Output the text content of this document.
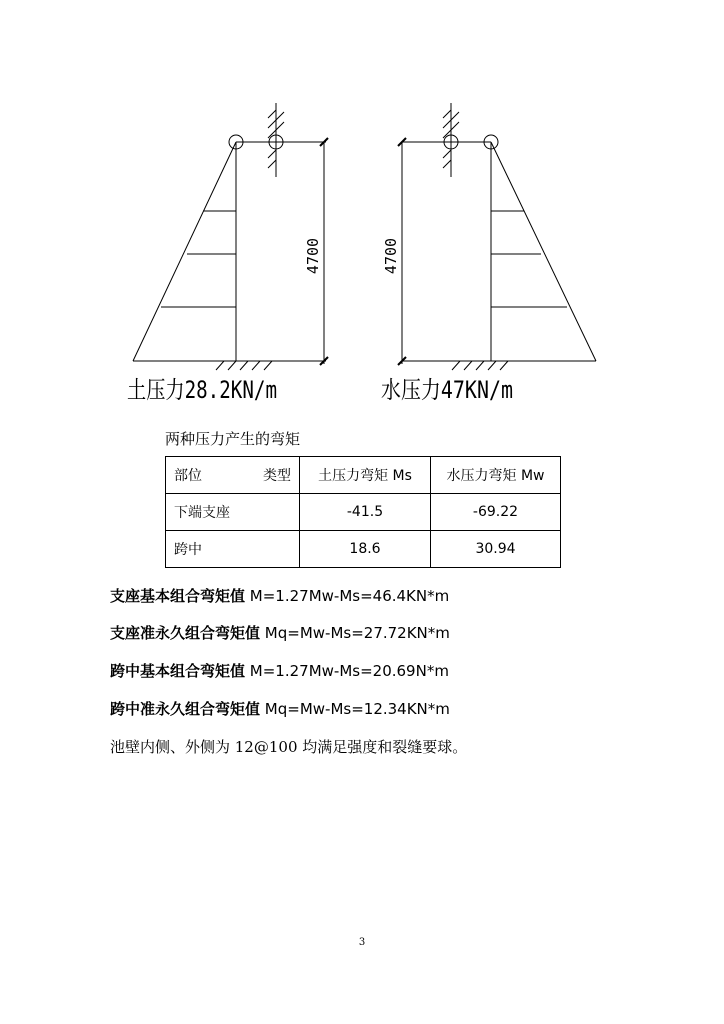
4700
土压力28.2KN/m
4700
水压力47KN/m
两种压力产生的弯矩
部位 类型	土压力弯矩 Ms	水压力弯矩 Mw
下端支座	-41.5	-69.22
跨中	18.6	30.94
支座基本组合弯矩值 M=1.27Mw-Ms=46.4KN*m
支座准永久组合弯矩值 Mq=Mw-Ms=27.72KN*m
跨中基本组合弯矩值 M=1.27Mw-Ms=20.69N*m
跨中准永久组合弯矩值 Mq=Mw-Ms=12.34KN*m
池壁内侧、外侧为 12@100 均满足强度和裂缝要球。
3
